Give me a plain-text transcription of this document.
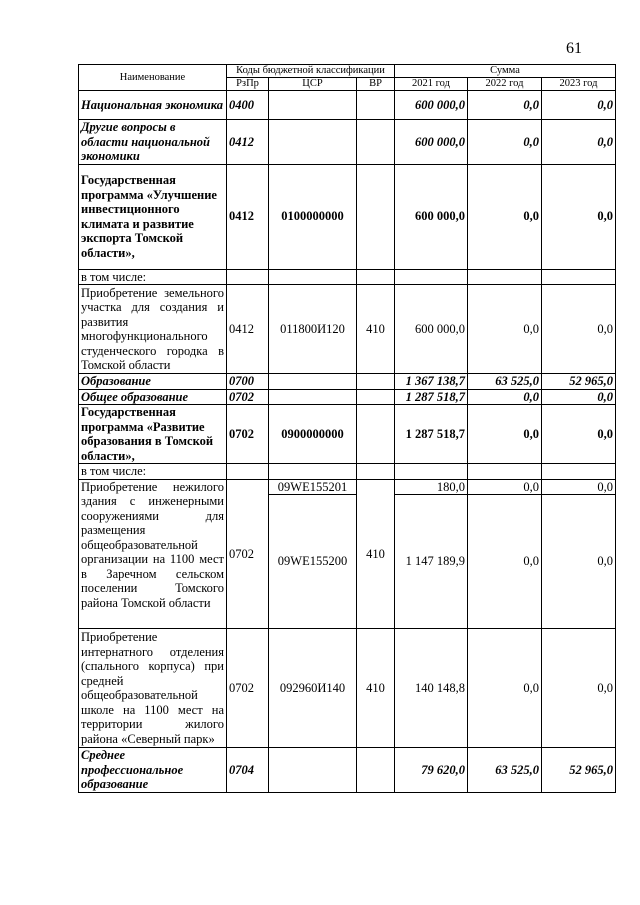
61
Наименование	Коды бюджетной классификации			Сумма		
	РзПр	ЦСР	ВР	2021 год	2022 год	2023 год
Национальная экономика	0400			600 000,0	0,0	0,0
Другие вопросы в области национальной экономики	0412			600 000,0	0,0	0,0
Государственная программа «Улучшение инвестиционного климата и развитие экспорта Томской области»,	0412	0100000000		600 000,0	0,0	0,0
в том числе:						
Приобретение земельного участка для создания и развития многофункционального студенческого городка в Томской области	0412	011800И120	410	600 000,0	0,0	0,0
Образование	0700			1 367 138,7	63 525,0	52 965,0
Общее образование	0702			1 287 518,7	0,0	0,0
Государственная программа «Развитие образования в Томской области»,	0702	0900000000		1 287 518,7	0,0	0,0
в том числе:						
Приобретение нежилого здания с инженерными сооружениями для размещения общеобразовательной организации на 1100 мест в Заречном сельском поселении Томского района Томской области	0702	09WE155201	410	180,0	0,0	0,0
		09WE155200		1 147 189,9	0,0	0,0
Приобретение интернатного отделения (спального корпуса) при средней общеобразовательной школе на 1100 мест на территории жилого района «Северный парк»	0702	092960И140	410	140 148,8	0,0	0,0
Среднее профессиональное образование	0704			79 620,0	63 525,0	52 965,0
